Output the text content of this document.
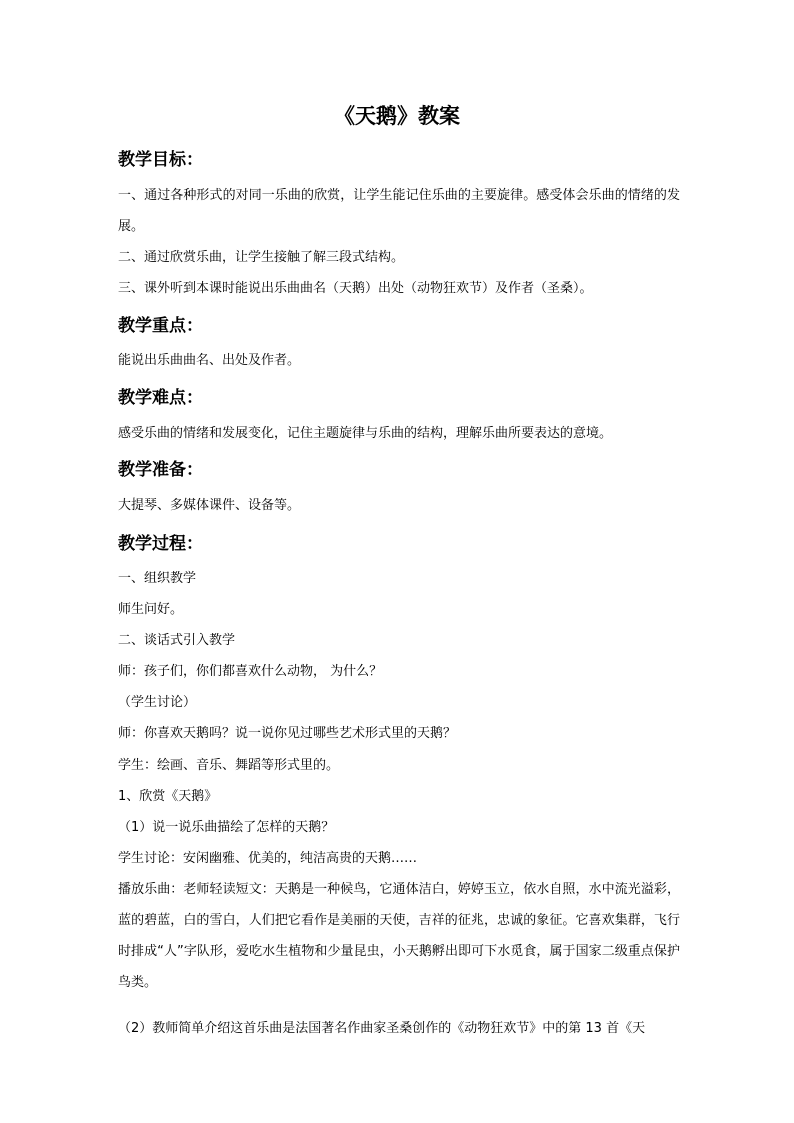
《天鹅》教案
教学目标：

一、通过各种形式的对同一乐曲的欣赏，让学生能记住乐曲的主要旋律。感受体会乐曲的情绪的发展。

二、通过欣赏乐曲，让学生接触了解三段式结构。

三、课外听到本课时能说出乐曲曲名（天鹅）出处（动物狂欢节）及作者（圣桑）。

教学重点：

能说出乐曲曲名、出处及作者。

教学难点：

感受乐曲的情绪和发展变化，记住主题旋律与乐曲的结构，理解乐曲所要表达的意境。

教学准备：

大提琴、多媒体课件、设备等。

教学过程：

一、组织教学

师生问好。

二、谈话式引入教学

师：孩子们，你们都喜欢什么动物， 为什么？

（学生讨论）

师：你喜欢天鹅吗？说一说你见过哪些艺术形式里的天鹅？

学生：绘画、音乐、舞蹈等形式里的。

1、欣赏《天鹅》

（1）说一说乐曲描绘了怎样的天鹅？

学生讨论：安闲幽雅、优美的，纯洁高贵的天鹅……

播放乐曲：老师轻读短文：天鹅是一种候鸟，它通体洁白，婷婷玉立，依水自照，水中流光溢彩，蓝的碧蓝，白的雪白，人们把它看作是美丽的天使，吉祥的征兆，忠诚的象征。它喜欢集群，飞行时排成“人”字队形，爱吃水生植物和少量昆虫，小天鹅孵出即可下水觅食，属于国家二级重点保护鸟类。

（2）教师简单介绍这首乐曲是法国著名作曲家圣桑创作的《动物狂欢节》中的第 13 首《天
